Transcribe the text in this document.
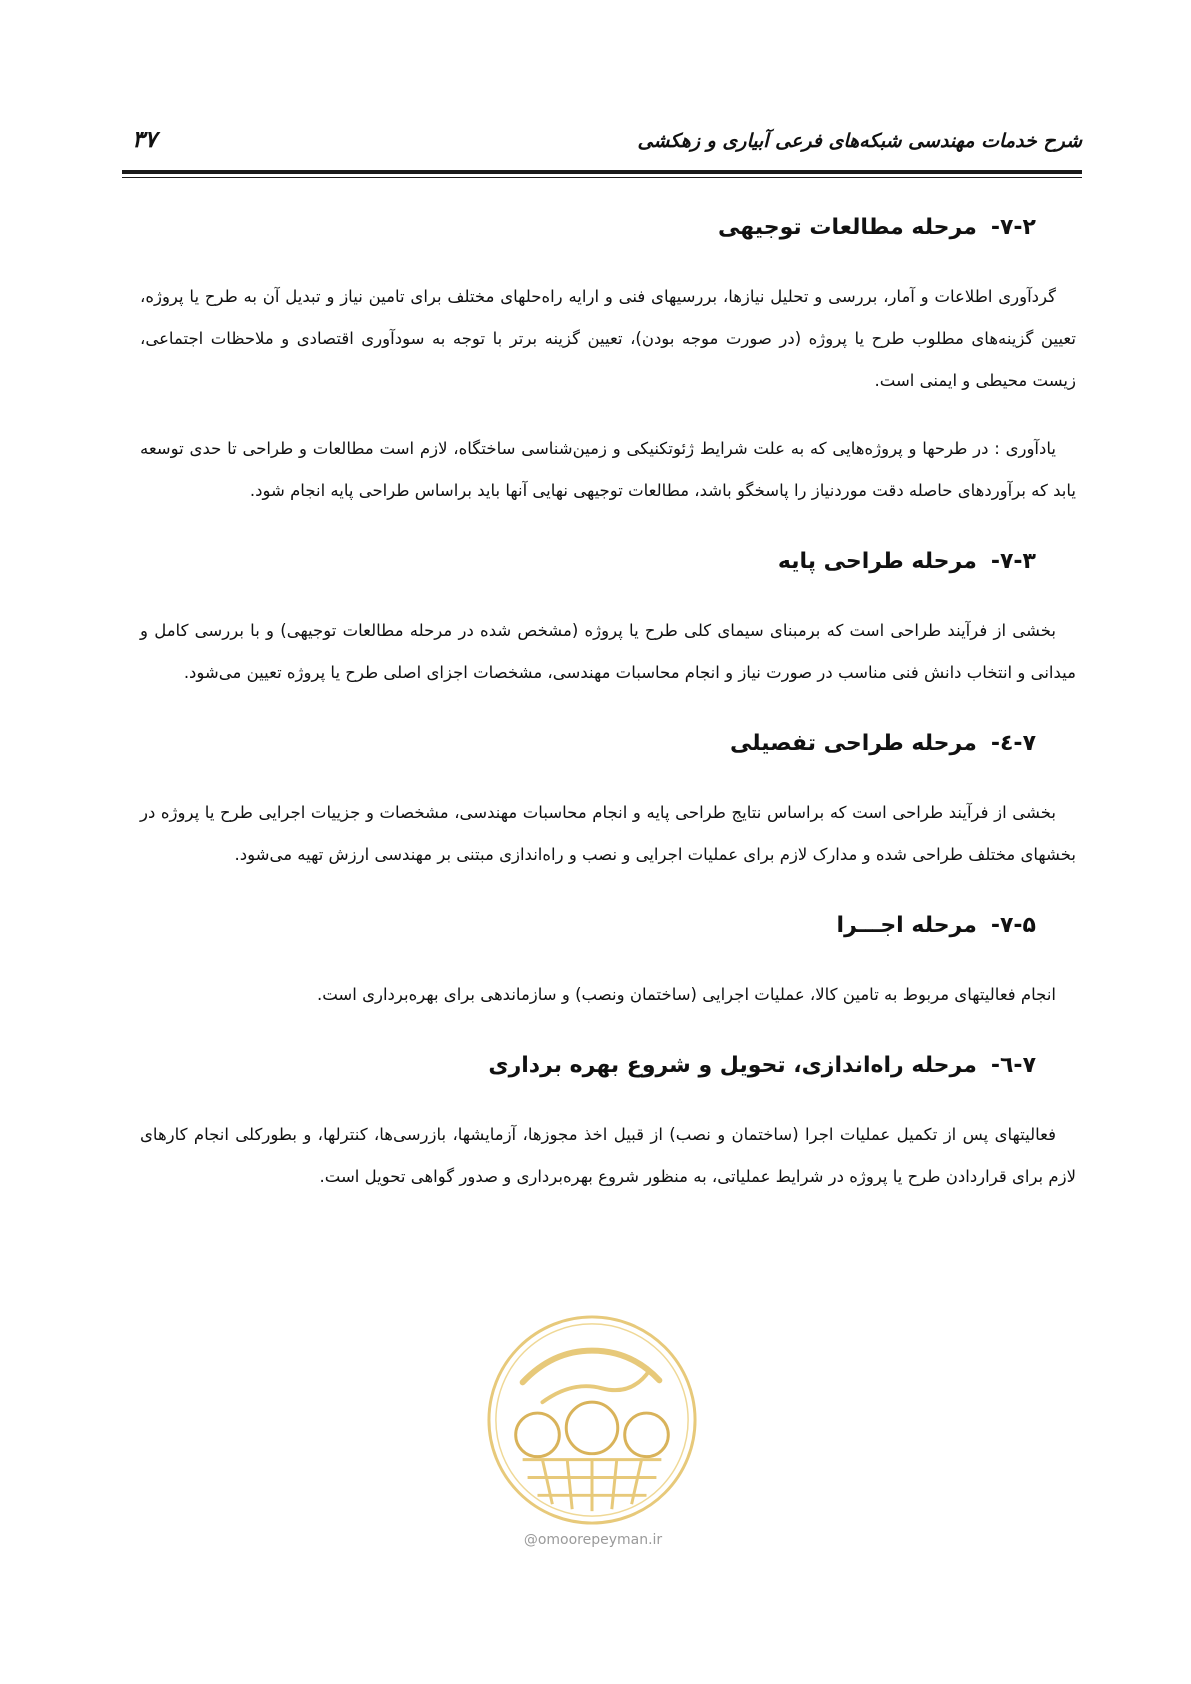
شرح خدمات مهندسی شبکه‌های فرعی آبیاری و زهکشی
۳۷
۷-۲-مرحله مطالعات توجیهی

گردآوری اطلاعات و آمار، بررسی و تحلیل نیازها، بررسیهای فنی و ارایه راه‌حلهای مختلف برای تامین نیاز و تبدیل آن به طرح یا پروژه، تعیین گزینه‌های مطلوب طرح یا پروژه (در صورت موجه بودن)، تعیین گزینه برتر با توجه به سودآوری اقتصادی و ملاحظات اجتماعی، زیست محیطی و ایمنی است.

یادآوری : در طرحها و پروژه‌هایی که به علت شرایط ژئوتکنیکی و زمین‌شناسی ساختگاه، لازم است مطالعات و طراحی تا حدی توسعه یابد که برآوردهای حاصله دقت موردنیاز را پاسخگو باشد، مطالعات توجیهی نهایی آنها باید براساس طراحی پایه انجام شود.

۷-۳-مرحله طراحی پایه

بخشی از فرآیند طراحی است که برمبنای سیمای کلی طرح یا پروژه (مشخص شده در مرحله مطالعات توجیهی) و با بررسی کامل و میدانی و انتخاب دانش فنی مناسب در صورت نیاز و انجام محاسبات مهندسی، مشخصات اجزای اصلی طرح یا پروژه تعیین می‌شود.

۷-٤-مرحله طراحی تفصیلی

بخشی از فرآیند طراحی است که براساس نتایج طراحی پایه و انجام محاسبات مهندسی، مشخصات و جزییات اجرایی طرح یا پروژه در بخشهای مختلف طراحی شده و مدارک لازم برای عملیات اجرایی و نصب و راه‌اندازی مبتنی بر مهندسی ارزش تهیه می‌شود.

۷-۵-مرحله اجـــرا

انجام فعالیتهای مربوط به تامین کالا، عملیات اجرایی (ساختمان ونصب) و سازماندهی برای بهره‌برداری است.

۷-٦-مرحله راه‌اندازی، تحویل و شروع بهره برداری

فعالیتهای پس از تکمیل عملیات اجرا (ساختمان و نصب) از قبیل اخذ مجوزها، آزمایشها، بازرسی‌ها، کنترلها، و بطورکلی انجام کارهای لازم برای قراردادن طرح یا پروژه در شرایط عملیاتی، به منظور شروع بهره‌برداری و صدور گواهی تحویل است.

@omoorepeyman.ir
